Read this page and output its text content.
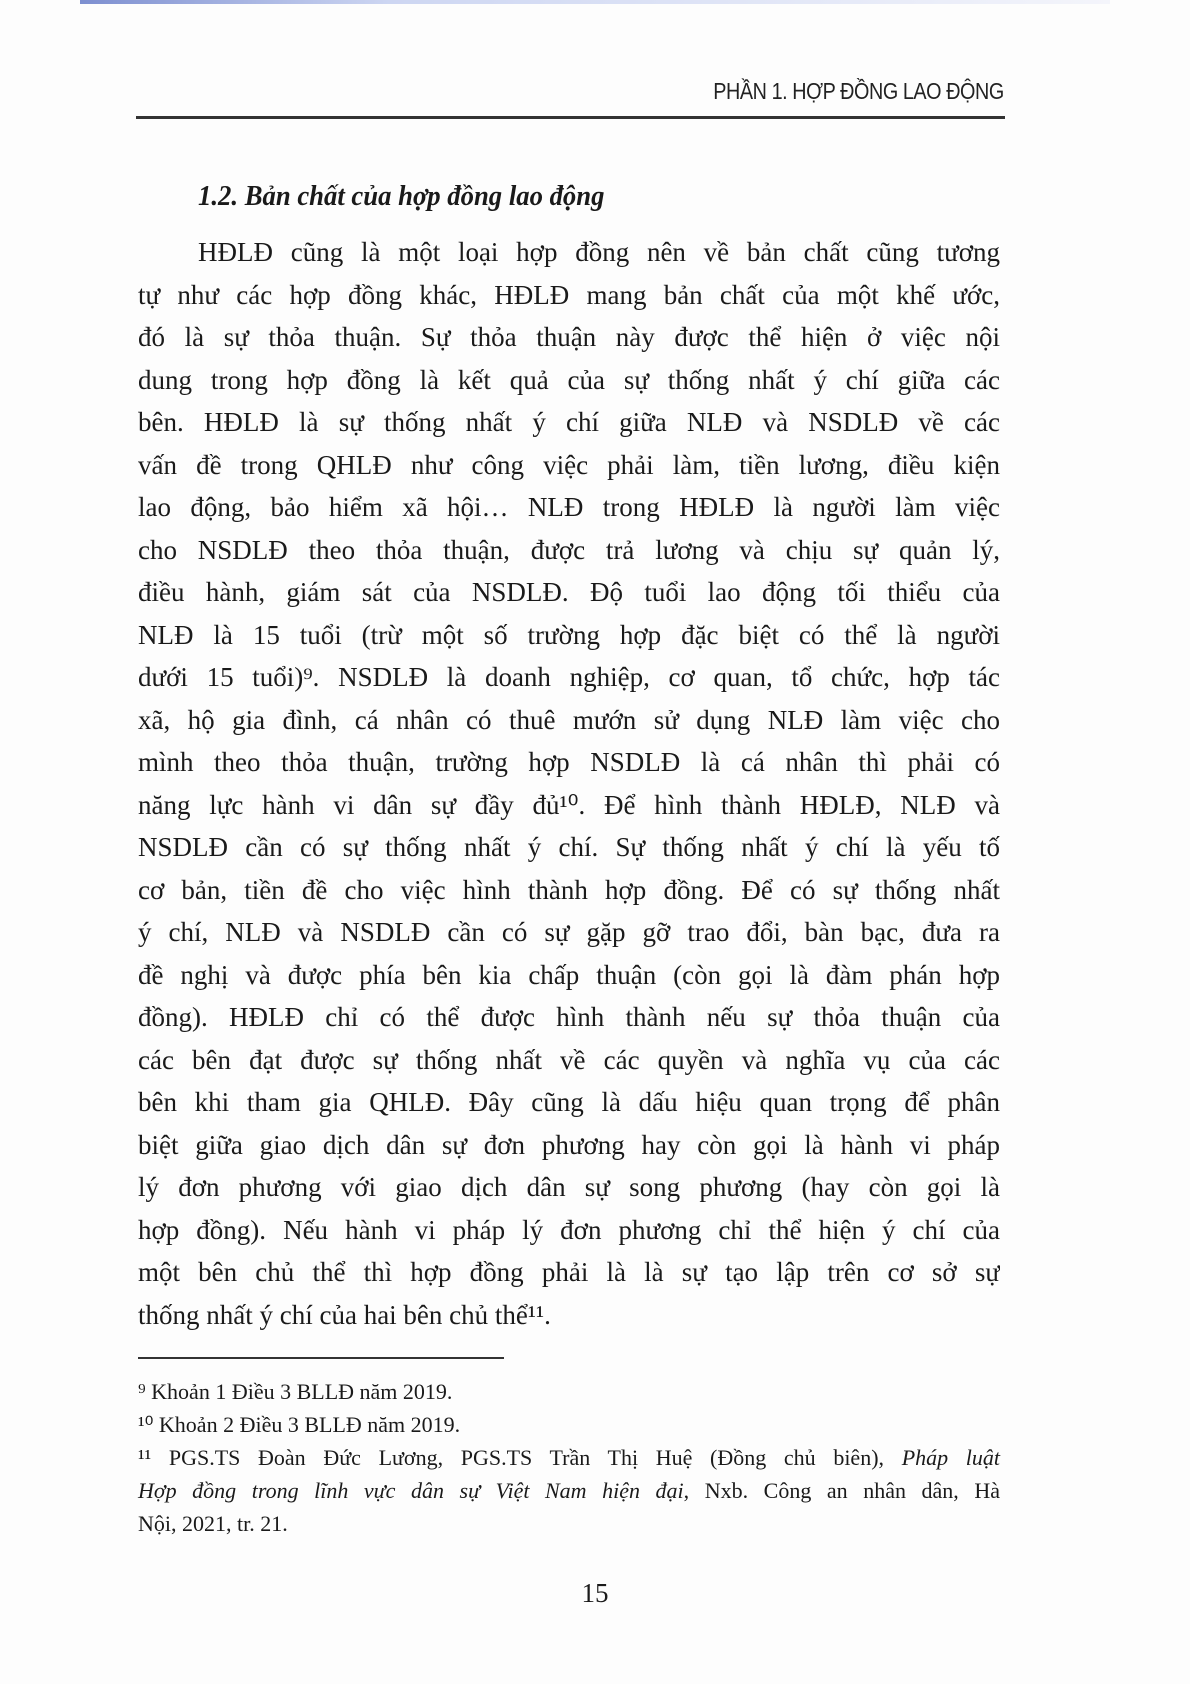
PHẦN 1. HỢP ĐỒNG LAO ĐỘNG
1.2. Bản chất của hợp đồng lao động
HĐLĐ cũng là một loại hợp đồng nên về bản chất cũng tương
tự như các hợp đồng khác, HĐLĐ mang bản chất của một khế ước,
đó là sự thỏa thuận. Sự thỏa thuận này được thể hiện ở việc nội
dung trong hợp đồng là kết quả của sự thống nhất ý chí giữa các
bên. HĐLĐ là sự thống nhất ý chí giữa NLĐ và NSDLĐ về các
vấn đề trong QHLĐ như công việc phải làm, tiền lương, điều kiện
lao động, bảo hiểm xã hội… NLĐ trong HĐLĐ là người làm việc
cho NSDLĐ theo thỏa thuận, được trả lương và chịu sự quản lý,
điều hành, giám sát của NSDLĐ. Độ tuổi lao động tối thiểu của
NLĐ là 15 tuổi (trừ một số trường hợp đặc biệt có thể là người
dưới 15 tuổi)⁹. NSDLĐ là doanh nghiệp, cơ quan, tổ chức, hợp tác
xã, hộ gia đình, cá nhân có thuê mướn sử dụng NLĐ làm việc cho
mình theo thỏa thuận, trường hợp NSDLĐ là cá nhân thì phải có
năng lực hành vi dân sự đầy đủ¹⁰. Để hình thành HĐLĐ, NLĐ và
NSDLĐ cần có sự thống nhất ý chí. Sự thống nhất ý chí là yếu tố
cơ bản, tiền đề cho việc hình thành hợp đồng. Để có sự thống nhất
ý chí, NLĐ và NSDLĐ cần có sự gặp gỡ trao đổi, bàn bạc, đưa ra
đề nghị và được phía bên kia chấp thuận (còn gọi là đàm phán hợp
đồng). HĐLĐ chỉ có thể được hình thành nếu sự thỏa thuận của
các bên đạt được sự thống nhất về các quyền và nghĩa vụ của các
bên khi tham gia QHLĐ. Đây cũng là dấu hiệu quan trọng để phân
biệt giữa giao dịch dân sự đơn phương hay còn gọi là hành vi pháp
lý đơn phương với giao dịch dân sự song phương (hay còn gọi là
hợp đồng). Nếu hành vi pháp lý đơn phương chỉ thể hiện ý chí của
một bên chủ thể thì hợp đồng phải là là sự tạo lập trên cơ sở sự
thống nhất ý chí của hai bên chủ thể¹¹.
⁹ Khoản 1 Điều 3 BLLĐ năm 2019.
¹⁰ Khoản 2 Điều 3 BLLĐ năm 2019.
¹¹ PGS.TS Đoàn Đức Lương, PGS.TS Trần Thị Huệ (Đồng chủ biên), Pháp luật
Hợp đồng trong lĩnh vực dân sự Việt Nam hiện đại, Nxb. Công an nhân dân, Hà
Nội, 2021, tr. 21.
15
